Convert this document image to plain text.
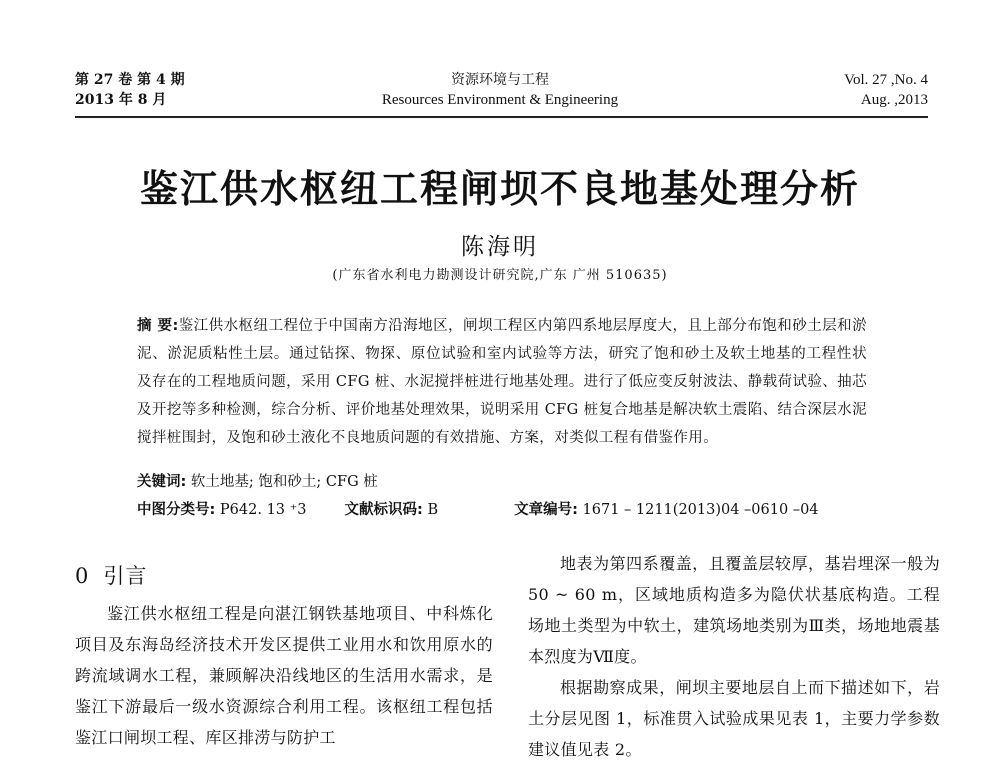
第 27 卷 第 4 期
2013 年 8 月
资源环境与工程
Resources Environment & Engineering
Vol. 27 ,No. 4
Aug. ,2013
鉴江供水枢纽工程闸坝不良地基处理分析
陈海明
(广东省水利电力勘测设计研究院,广东 广州 510635)
摘 要:鉴江供水枢纽工程位于中国南方沿海地区，闸坝工程区内第四系地层厚度大，且上部分布饱和砂土层和淤泥、淤泥质粘性土层。通过钻探、物探、原位试验和室内试验等方法，研究了饱和砂土及软土地基的工程性状及存在的工程地质问题，采用 CFG 桩、水泥搅拌桩进行地基处理。进行了低应变反射波法、静载荷试验、抽芯及开挖等多种检测，综合分析、评价地基处理效果，说明采用 CFG 桩复合地基是解决软土震陷、结合深层水泥搅拌桩围封，及饱和砂土液化不良地质问题的有效措施、方案，对类似工程有借鉴作用。
关键词: 软土地基; 饱和砂土; CFG 桩
中图分类号: P642. 13 ⁺3	文献标识码: B	文章编号: 1671 – 1211(2013)04 –0610 –04
0 引言

鉴江供水枢纽工程是向湛江钢铁基地项目、中科炼化项目及东海岛经济技术开发区提供工业用水和饮用原水的跨流域调水工程，兼顾解决沿线地区的生活用水需求，是鉴江下游最后一级水资源综合利用工程。该枢纽工程包括鉴江口闸坝工程、库区排涝与防护工

地表为第四系覆盖，且覆盖层较厚，基岩埋深一般为 50 ~ 60 m，区域地质构造多为隐伏状基底构造。工程场地土类型为中软土，建筑场地类别为Ⅲ类，场地地震基本烈度为Ⅶ度。

根据勘察成果，闸坝主要地层自上而下描述如下，岩土分层见图 1，标准贯入试验成果见表 1，主要力学参数建议值见表 2。
